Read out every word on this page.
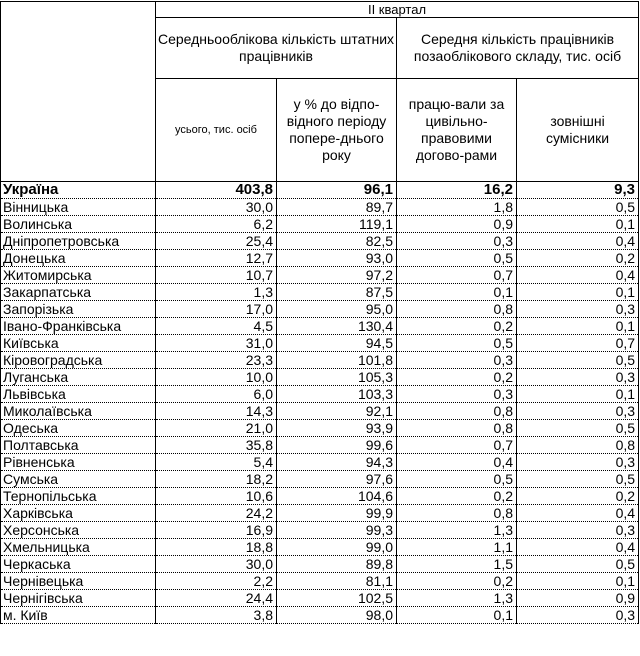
	II квартал			
	Середньооблікова кількість штатних працівників		Середня кількість працівників позаоблікового складу, тис. осіб	
	усього, тис. осіб	у % до відпо-відного періоду попере-днього року	працю-вали за цивільно-правовими догово-рами	зовнішні сумісники
Україна	403,8	96,1	16,2	9,3
Вінницька	30,0	89,7	1,8	0,5
Волинська	6,2	119,1	0,9	0,1
Дніпропетровська	25,4	82,5	0,3	0,4
Донецька	12,7	93,0	0,5	0,2
Житомирська	10,7	97,2	0,7	0,4
Закарпатська	1,3	87,5	0,1	0,1
Запорізька	17,0	95,0	0,8	0,3
Івано-Франківська	4,5	130,4	0,2	0,1
Київська	31,0	94,5	0,5	0,7
Кіровоградська	23,3	101,8	0,3	0,5
Луганська	10,0	105,3	0,2	0,3
Львівська	6,0	103,3	0,3	0,1
Миколаївська	14,3	92,1	0,8	0,3
Одеська	21,0	93,9	0,8	0,5
Полтавська	35,8	99,6	0,7	0,8
Рівненська	5,4	94,3	0,4	0,3
Сумська	18,2	97,6	0,5	0,5
Тернопільська	10,6	104,6	0,2	0,2
Харківська	24,2	99,9	0,8	0,4
Херсонська	16,9	99,3	1,3	0,3
Хмельницька	18,8	99,0	1,1	0,4
Черкаська	30,0	89,8	1,5	0,5
Чернівецька	2,2	81,1	0,2	0,1
Чернігівська	24,4	102,5	1,3	0,9
м. Київ	3,8	98,0	0,1	0,3
